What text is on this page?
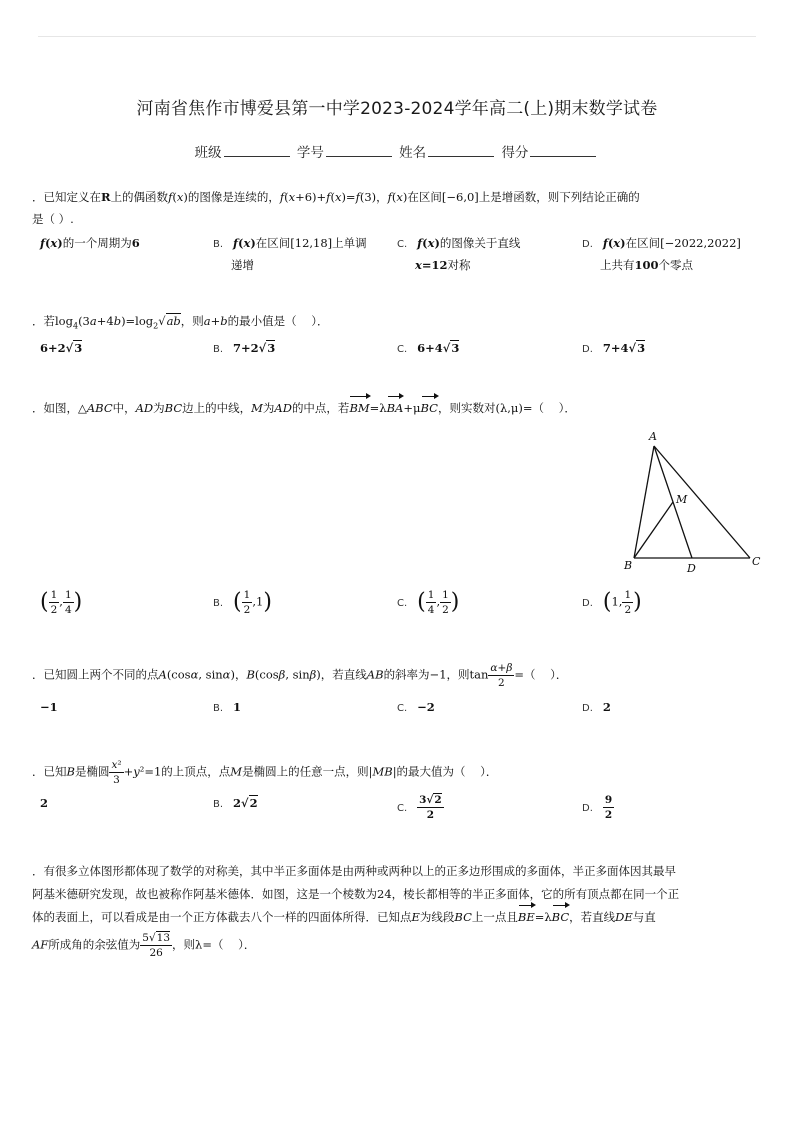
河南省焦作市博爱县第一中学2023-2024学年高二(上)期末数学试卷
班级	学号	姓名	得分
．已知定义在R上的偶函数f(x)的图像是连续的，f(x+6)+f(x)=f(3)，f(x)在区间[−6,0]上是增函数，则下列结论正确的
是（ ）.
f(x)的一个周期为6	B. f(x)在区间[12,18]上单调
递增
C. f(x)的图像关于直线
x=12对称
D. f(x)在区间[−2022,2022]
上共有100个零点
．若$\log_4(3a+4b)=\log_2√ab$，则a+b的最小值是（    ）．
6+2√3	B. 7+2√3	C. 6+4√3	D. 7+4√3
．如图，△ABC中，AD为BC边上的中线，M为AD的中点，若BM=λBA+μBC，则实数对(λ,μ)=（    ）．
A
M
B	D
C
( $\frac{1}{2}$ , $\frac{1}{4}$ )	B. ( $\frac{1}{2} ,1$)	C. ( $\frac{1}{4}$ , $\frac{1}{2}$ )	D. (1, $\frac{1}{2}$ )
．已知圆上两个不同的点A(cosα, sinα)，B(cosβ, sinβ)，若直线AB的斜率为−1，则$\tan \frac{\alpha+\beta}{2}$ =（    ）．
−1	B. 1	C. −2	D. 2
．已知B是椭圆 $\frac{\text{x²}}{3} +y^2=1$的上顶点，点M是椭圆上的任意一点，则|MB|的最大值为（    ）．
2	B. 2√2	C. $\frac{3√2}{2}$	D. $\frac{9}{2}$
．有很多立体图形都体现了数学的对称美，其中半正多面体是由两种或两种以上的正多边形围成的多面体，半正多面体因其最早
阿基米德研究发现，故也被称作阿基米德体．如图，这是一个棱数为24，棱长都相等的半正多面体，它的所有顶点都在同一个正
体的表面上，可以看成是由一个正方体截去八个一样的四面体所得．已知点E为线段BC上一点且BE=λBC，若直线DE与直
AF所成角的余弦值为 $\frac{5√13}{26}$ ，则λ=（    ）．
